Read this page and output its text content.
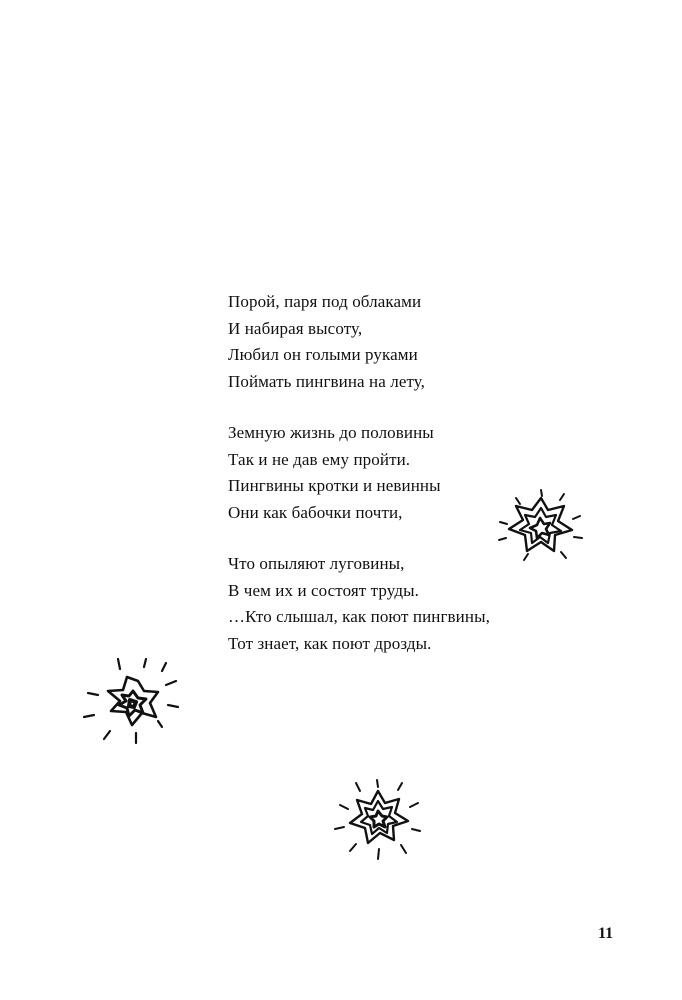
Порой, паря под облаками
И набирая высоту,
Любил он голыми руками
Поймать пингвина на лету,
Земную жизнь до половины
Так и не дав ему пройти.
Пингвины кротки и невинны
Они как бабочки почти,
Что опыляют луговины,
В чем их и состоят труды.
…Кто слышал, как поют пингвины,
Тот знает, как поют дрозды.
11
